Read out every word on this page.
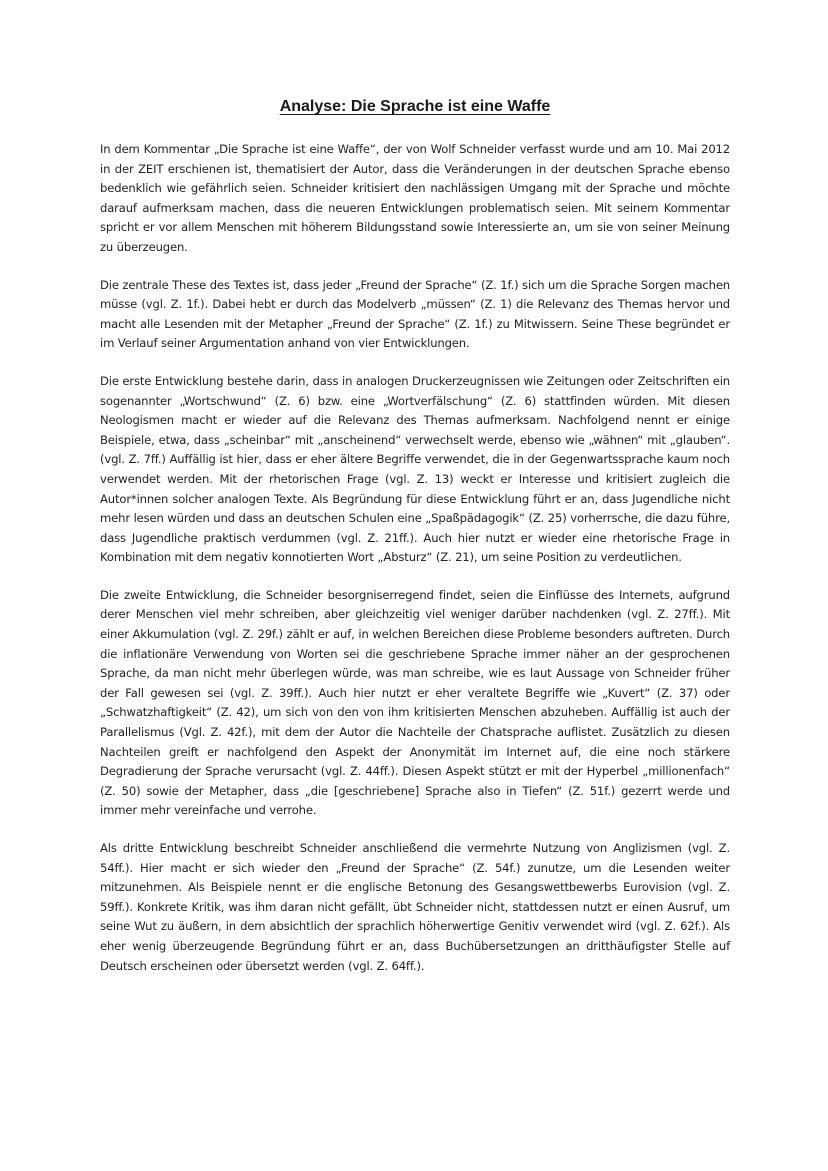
Analyse: Die Sprache ist eine Waffe

In dem Kommentar „Die Sprache ist eine Waffe“, der von Wolf Schneider verfasst wurde und am 10. Mai 2012 in der ZEIT erschienen ist, thematisiert der Autor, dass die Veränderungen in der deutschen Sprache ebenso bedenklich wie gefährlich seien. Schneider kritisiert den nachlässigen Umgang mit der Sprache und möchte darauf aufmerksam machen, dass die neueren Entwicklungen problematisch seien. Mit seinem Kommentar spricht er vor allem Menschen mit höherem Bildungsstand sowie Interessierte an, um sie von seiner Meinung zu überzeugen.

Die zentrale These des Textes ist, dass jeder „Freund der Sprache“ (Z. 1f.) sich um die Sprache Sorgen machen müsse (vgl. Z. 1f.). Dabei hebt er durch das Modelverb „müssen“ (Z. 1) die Relevanz des Themas hervor und macht alle Lesenden mit der Metapher „Freund der Sprache“ (Z. 1f.) zu Mitwissern. Seine These begründet er im Verlauf seiner Argumentation anhand von vier Entwicklungen.

Die erste Entwicklung bestehe darin, dass in analogen Druckerzeugnissen wie Zeitungen oder Zeitschriften ein sogenannter „Wortschwund“ (Z. 6) bzw. eine „Wortverfälschung“ (Z. 6) stattfinden würden. Mit diesen Neologismen macht er wieder auf die Relevanz des Themas aufmerksam. Nachfolgend nennt er einige Beispiele, etwa, dass „scheinbar“ mit „anscheinend“ verwechselt werde, ebenso wie „wähnen“ mit „glauben“. (vgl. Z. 7ff.) Auffällig ist hier, dass er eher ältere Begriffe verwendet, die in der Gegenwartssprache kaum noch verwendet werden. Mit der rhetorischen Frage (vgl. Z. 13) weckt er Interesse und kritisiert zugleich die Autor*innen solcher analogen Texte. Als Begründung für diese Entwicklung führt er an, dass Jugendliche nicht mehr lesen würden und dass an deutschen Schulen eine „Spaßpädagogik“ (Z. 25) vorherrsche, die dazu führe, dass Jugendliche praktisch verdummen (vgl. Z. 21ff.). Auch hier nutzt er wieder eine rhetorische Frage in Kombination mit dem negativ konnotierten Wort „Absturz“ (Z. 21), um seine Position zu verdeutlichen.

Die zweite Entwicklung, die Schneider besorgniserregend findet, seien die Einflüsse des Internets, aufgrund derer Menschen viel mehr schreiben, aber gleichzeitig viel weniger darüber nachdenken (vgl. Z. 27ff.). Mit einer Akkumulation (vgl. Z. 29f.) zählt er auf, in welchen Bereichen diese Probleme besonders auftreten. Durch die inflationäre Verwendung von Worten sei die geschriebene Sprache immer näher an der gesprochenen Sprache, da man nicht mehr überlegen würde, was man schreibe, wie es laut Aussage von Schneider früher der Fall gewesen sei (vgl. Z. 39ff.). Auch hier nutzt er eher veraltete Begriffe wie „Kuvert“ (Z. 37) oder „Schwatzhaftigkeit“ (Z. 42), um sich von den von ihm kritisierten Menschen abzuheben. Auffällig ist auch der Parallelismus (Vgl. Z. 42f.), mit dem der Autor die Nachteile der Chatsprache auflistet. Zusätzlich zu diesen Nachteilen greift er nachfolgend den Aspekt der Anonymität im Internet auf, die eine noch stärkere Degradierung der Sprache verursacht (vgl. Z. 44ff.). Diesen Aspekt stützt er mit der Hyperbel „millionenfach“ (Z. 50) sowie der Metapher, dass „die [geschriebene] Sprache also in Tiefen“ (Z. 51f.) gezerrt werde und immer mehr vereinfache und verrohe.

Als dritte Entwicklung beschreibt Schneider anschließend die vermehrte Nutzung von Anglizismen (vgl. Z. 54ff.). Hier macht er sich wieder den „Freund der Sprache“ (Z. 54f.) zunutze, um die Lesenden weiter mitzunehmen. Als Beispiele nennt er die englische Betonung des Gesangswettbewerbs Eurovision (vgl. Z. 59ff.). Konkrete Kritik, was ihm daran nicht gefällt, übt Schneider nicht, stattdessen nutzt er einen Ausruf, um seine Wut zu äußern, in dem absichtlich der sprachlich höherwertige Genitiv verwendet wird (vgl. Z. 62f.). Als eher wenig überzeugende Begründung führt er an, dass Buchübersetzungen an dritthäufigster Stelle auf Deutsch erscheinen oder übersetzt werden (vgl. Z. 64ff.).
